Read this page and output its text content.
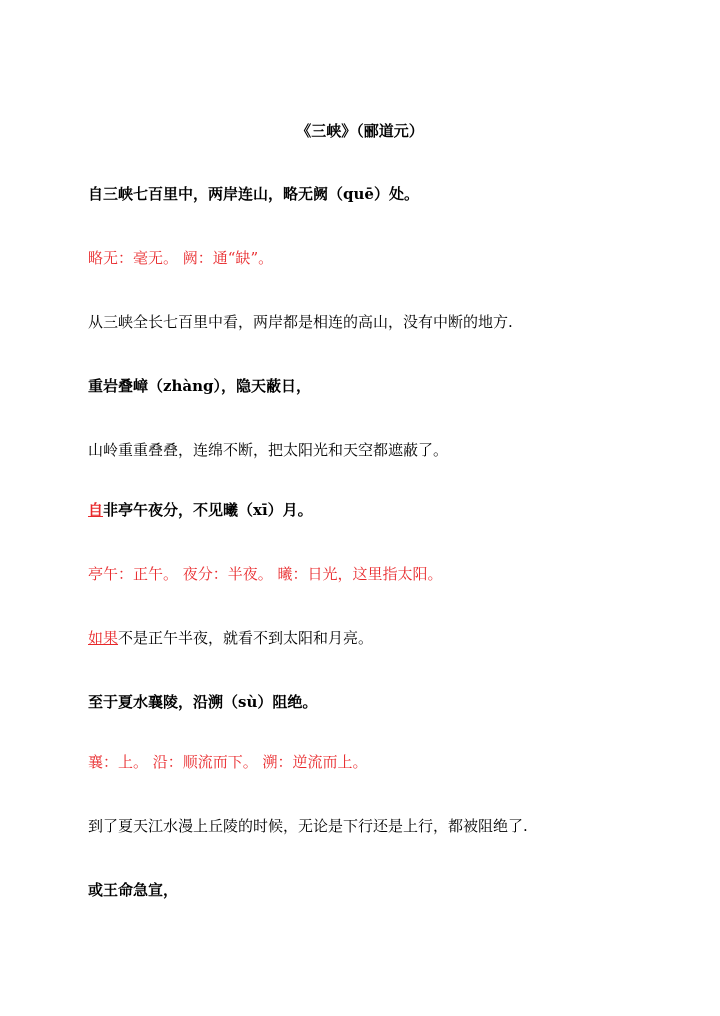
《三峡》（郦道元）
自三峡七百里中，两岸连山，略无阙（quē）处。
略无：毫无。 阙：通“缺”。
从三峡全长七百里中看，两岸都是相连的高山，没有中断的地方.
重岩叠嶂（zhàng），隐天蔽日，
山岭重重叠叠，连绵不断，把太阳光和天空都遮蔽了。
自非亭午夜分，不见曦（xī）月。
亭午：正午。 夜分：半夜。 曦：日光，这里指太阳。
如果不是正午半夜，就看不到太阳和月亮。
至于夏水襄陵，沿溯（sù）阻绝。
襄：上。 沿：顺流而下。 溯：逆流而上。
到了夏天江水漫上丘陵的时候，无论是下行还是上行，都被阻绝了.
或王命急宣，
